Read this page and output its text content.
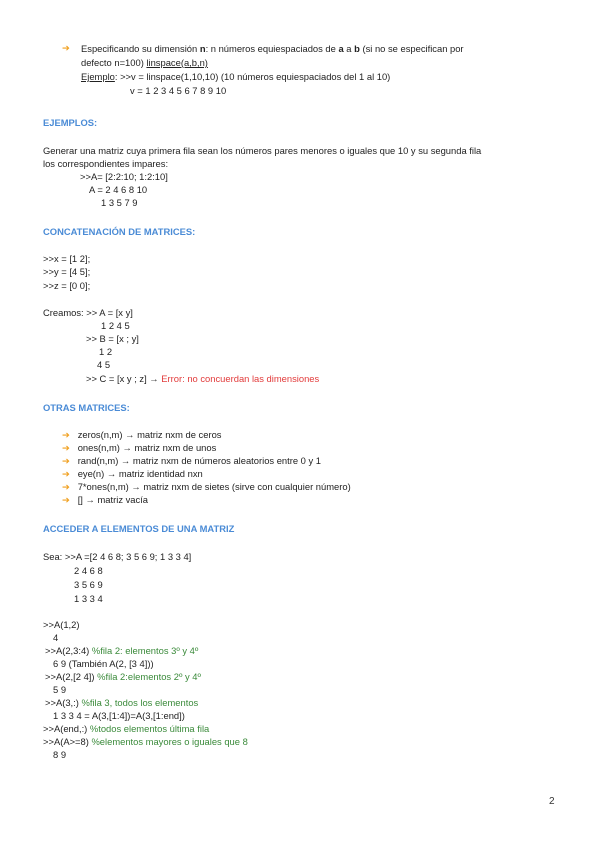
➔ Especificando su dimensión n: n números equiespaciados de a a b (si no se especifican por
defecto n=100) linspace(a,b,n)
Ejemplo: >>v = linspace(1,10,10) (10 números equiespaciados del 1 al 10)
v = 1 2 3 4 5 6 7 8 9 10
EJEMPLOS:
Generar una matriz cuya primera fila sean los números pares menores o iguales que 10 y su segunda fila
los correspondientes impares:
>>A= [2:2:10; 1:2:10]
A = 2 4 6 8 10
1 3 5 7 9
CONCATENACIÓN DE MATRICES:
>>x = [1 2];
>>y = [4 5];
>>z = [0 0];
Creamos: >> A = [x y]
1 2 4 5
>> B = [x ; y]
1 2
4 5
>> C = [x y ; z] → Error: no concuerdan las dimensiones
OTRAS MATRICES:
➔ zeros(n,m) → matriz nxm de ceros
➔ ones(n,m) → matriz nxm de unos
➔ rand(n,m) → matriz nxm de números aleatorios entre 0 y 1
➔ eye(n) → matriz identidad nxn
➔ 7*ones(n,m) → matriz nxm de sietes (sirve con cualquier número)
➔ [] → matriz vacía
ACCEDER A ELEMENTOS DE UNA MATRIZ
Sea: >>A =[2 4 6 8; 3 5 6 9; 1 3 3 4]
2 4 6 8
3 5 6 9
1 3 3 4
>>A(1,2)
4
>>A(2,3:4) %fila 2: elementos 3º y 4º
6 9 (También A(2, [3 4]))
>>A(2,[2 4]) %fila 2:elementos 2º y 4º
5 9
>>A(3,:) %fila 3, todos los elementos
1 3 3 4 = A(3,[1:4])=A(3,[1:end])
>>A(end,:) %todos elementos última fila
>>A(A>=8) %elementos mayores o iguales que 8
8 9
2
